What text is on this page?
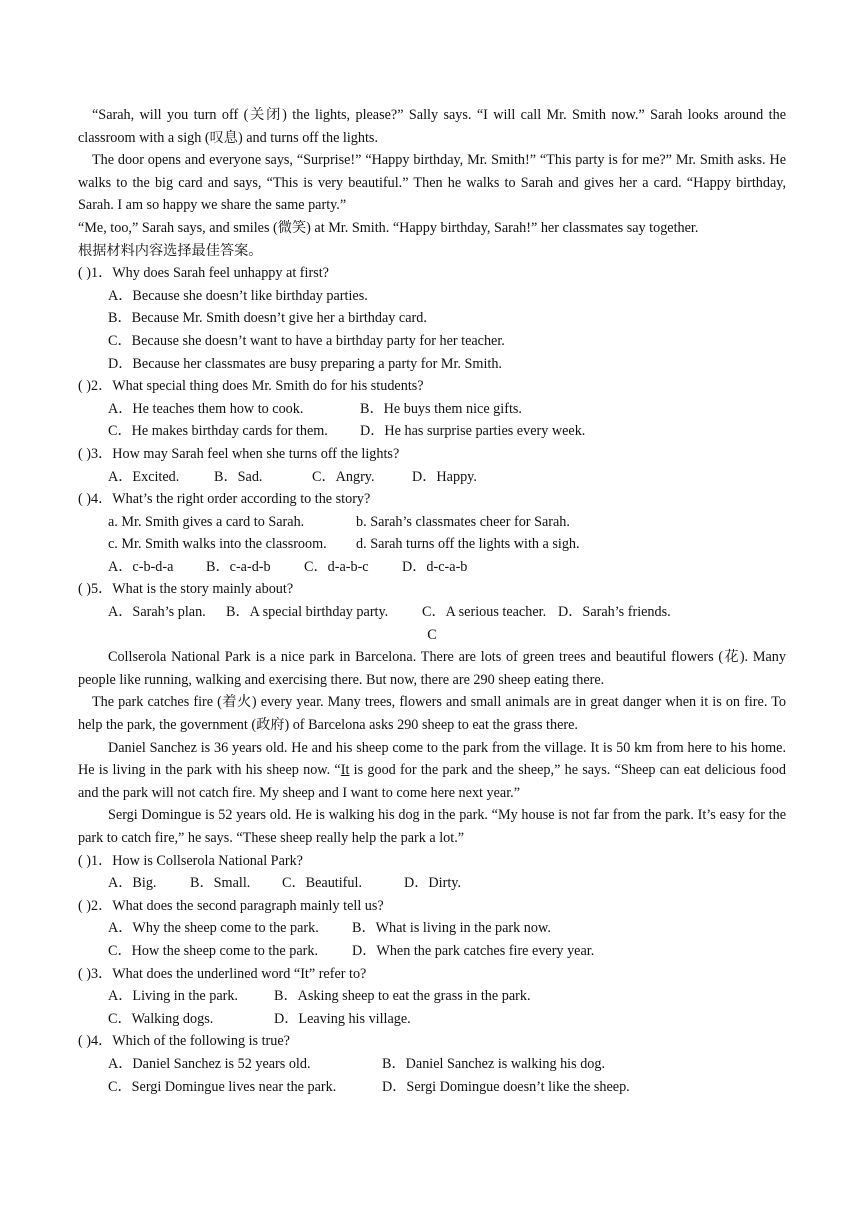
“Sarah, will you turn off (关闭) the lights, please?” Sally says. “I will call Mr. Smith now.” Sarah looks around the classroom with a sigh (叹息) and turns off the lights.

The door opens and everyone says, “Surprise!” “Happy birthday, Mr. Smith!” “This party is for me?” Mr. Smith asks. He walks to the big card and says, “This is very beautiful.” Then he walks to Sarah and gives her a card. “Happy birthday, Sarah. I am so happy we share the same party.”

“Me, too,” Sarah says, and smiles (微笑) at Mr. Smith. “Happy birthday, Sarah!” her classmates say together.

根据材料内容选择最佳答案。
( )1．Why does Sarah feel unhappy at first?
A．Because she doesn’t like birthday parties.
B．Because Mr. Smith doesn’t give her a birthday card.
C．Because she doesn’t want to have a birthday party for her teacher.
D．Because her classmates are busy preparing a party for Mr. Smith.
( )2．What special thing does Mr. Smith do for his students?
A．He teaches them how to cook.	B．He buys them nice gifts.
C．He makes birthday cards for them.	D．He has surprise parties every week.
( )3．How may Sarah feel when she turns off the lights?
A．Excited.	B．Sad.	C．Angry.	D．Happy.
( )4．What’s the right order according to the story?
a. Mr. Smith gives a card to Sarah.	b. Sarah’s classmates cheer for Sarah.
c. Mr. Smith walks into the classroom.	d. Sarah turns off the lights with a sigh.
A．c-b-d-a	B．c-a-d-b	C．d-a-b-c	D．d-c-a-b
( )5．What is the story mainly about?
A．Sarah’s plan.	B．A special birthday party.	C．A serious teacher. D．Sarah’s friends.
C

Collserola National Park is a nice park in Barcelona. There are lots of green trees and beautiful flowers (花). Many people like running, walking and exercising there. But now, there are 290 sheep eating there.

The park catches fire (着火) every year. Many trees, flowers and small animals are in great danger when it is on fire. To help the park, the government (政府) of Barcelona asks 290 sheep to eat the grass there.

Daniel Sanchez is 36 years old. He and his sheep come to the park from the village. It is 50 km from here to his home. He is living in the park with his sheep now. “It is good for the park and the sheep,” he says. “Sheep can eat delicious food and the park will not catch fire. My sheep and I want to come here next year.”

Sergi Domingue is 52 years old. He is walking his dog in the park. “My house is not far from the park. It’s easy for the park to catch fire,” he says. “These sheep really help the park a lot.”

( )1．How is Collserola National Park?
A．Big.	B．Small.	C．Beautiful.	D．Dirty.
( )2．What does the second paragraph mainly tell us?
A．Why the sheep come to the park.	B．What is living in the park now.
C．How the sheep come to the park.	D．When the park catches fire every year.
( )3．What does the underlined word “It” refer to?
A．Living in the park.	B．Asking sheep to eat the grass in the park.
C．Walking dogs.	D．Leaving his village.
( )4．Which of the following is true?
A．Daniel Sanchez is 52 years old.	B．Daniel Sanchez is walking his dog.
C．Sergi Domingue lives near the park.	D．Sergi Domingue doesn’t like the sheep.
